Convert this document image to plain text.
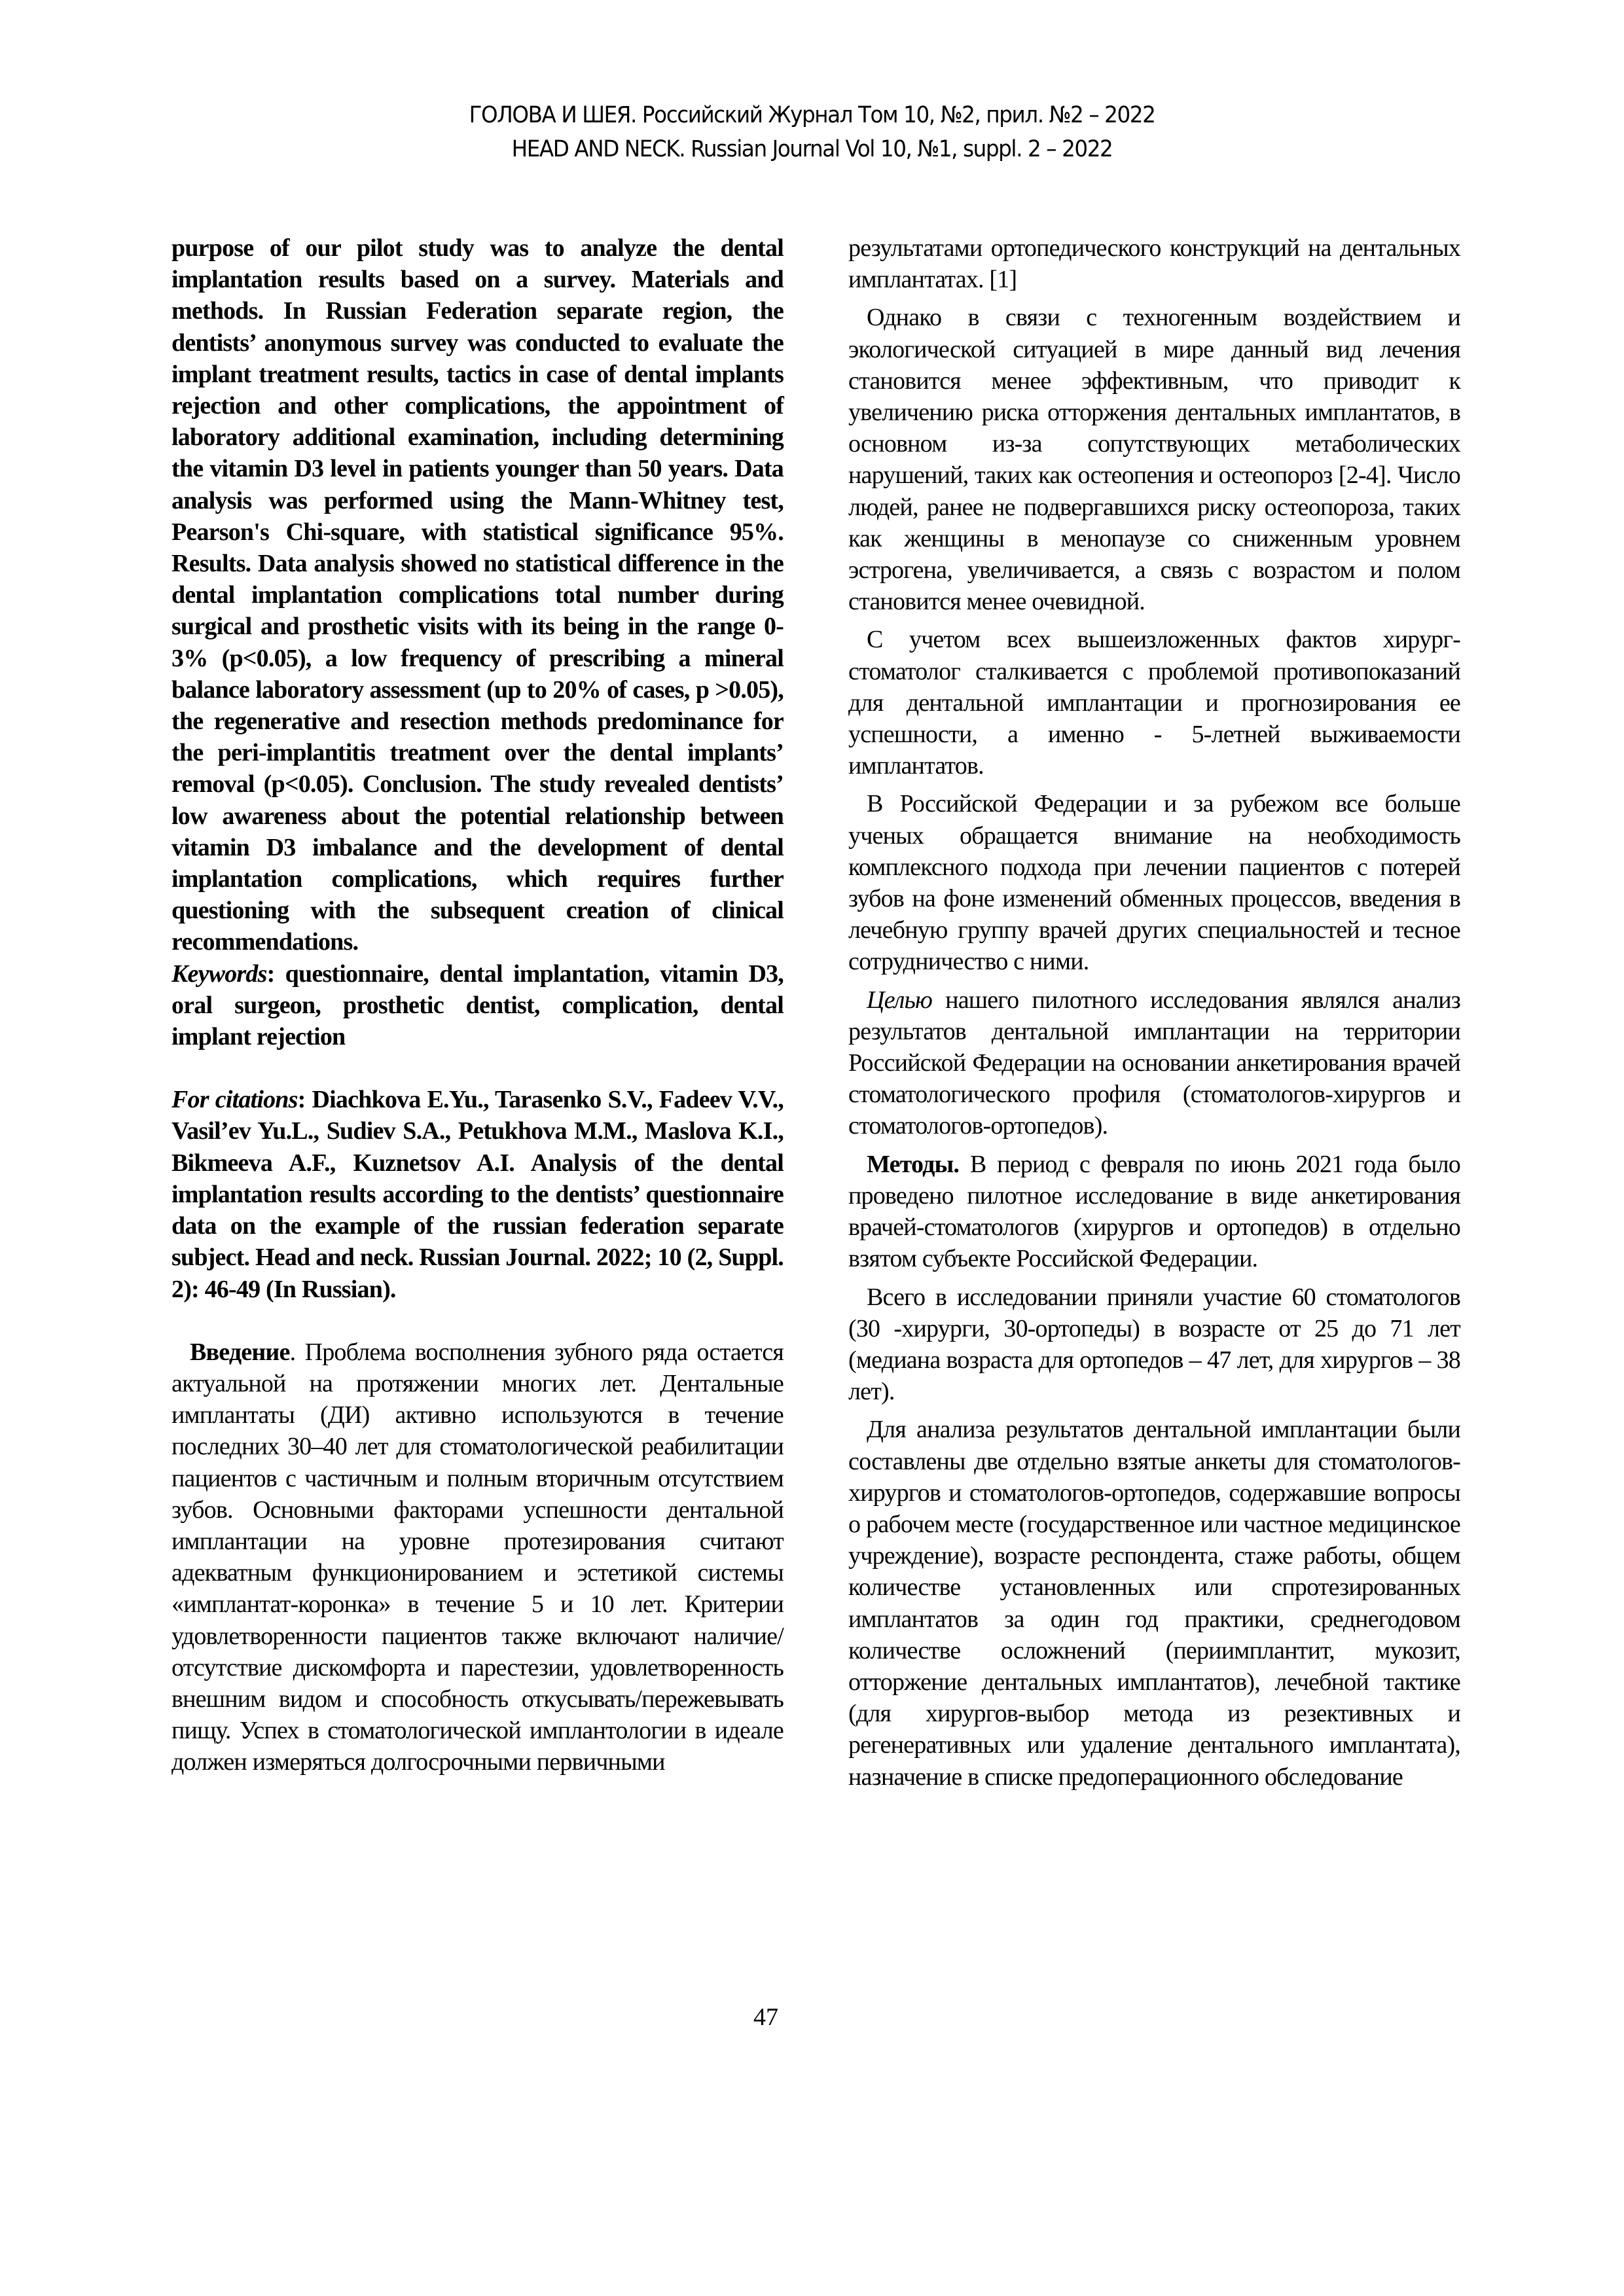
ГОЛОВА И ШЕЯ. Российский Журнал Том 10, №2, прил. №2 – 2022
HEAD AND NECK. Russian Journal Vol 10, №1, suppl. 2 – 2022

purpose of our pilot study was to analyze the dental implantation results based on a survey. Materials and methods. In Russian Federation separate region, the dentists’ anonymous survey was conducted to evaluate the implant treatment results, tactics in case of dental implants rejection and other complications, the appointment of laboratory additional examination, including determining the vitamin D3 level in patients younger than 50 years. Data analysis was performed using the Mann-Whitney test, Pearson's Chi-square, with statistical significance 95%. Results. Data analysis showed no statistical difference in the dental implantation complications total number during surgical and prosthetic visits with its being in the range 0-3% (p<0.05), a low frequency of prescribing a mineral balance laboratory assessment (up to 20% of cases, p >0.05), the regenerative and resection methods predominance for the peri-implantitis treatment over the dental implants’ removal (p<0.05). Conclusion. The study revealed dentists’ low awareness about the potential relationship between vitamin D3 imbalance and the development of dental implantation complications, which requires further questioning with the subsequent creation of clinical recommendations.

Keywords: questionnaire, dental implantation, vitamin D3, oral surgeon, prosthetic dentist, complication, dental implant rejection

For citations: Diachkova E.Yu., Tarasenko S.V., Fadeev V.V., Vasil’ev Yu.L., Sudiev S.A., Petukhova M.M., Maslova K.I., Bikmeeva A.F., Kuznetsov A.I. Analysis of the dental implantation results according to the dentists’ questionnaire data on the example of the russian federation separate subject. Head and neck. Russian Journal. 2022; 10 (2, Suppl. 2): 46-49 (In Russian).

Введение. Проблема восполнения зубного ряда остается актуальной на протяжении многих лет. Дентальные имплантаты (ДИ) активно используются в течение последних 30–40 лет для стоматологической реабилитации пациентов с частичным и полным вторичным отсутствием зубов. Основными факторами успешности дентальной имплантации на уровне протезирования считают адекватным функционированием и эстетикой системы «имплантат-коронка» в течение 5 и 10 лет. Критерии удовлетворенности пациентов также включают наличие/отсутствие дискомфорта и парестезии, удовлетворенность внешним видом и способность откусывать/пережевывать пищу. Успех в стоматологической имплантологии в идеале должен измеряться долгосрочными первичными

результатами ортопедического конструкций на дентальных имплантатах. [1]

Однако в связи с техногенным воздействием и экологической ситуацией в мире данный вид лечения становится менее эффективным, что приводит к увеличению риска отторжения дентальных имплантатов, в основном из-за сопутствующих метаболических нарушений, таких как остеопения и остеопороз [2-4]. Число людей, ранее не подвергавшихся риску остеопороза, таких как женщины в менопаузе со сниженным уровнем эстрогена, увеличивается, а связь с возрастом и полом становится менее очевидной.

С учетом всех вышеизложенных фактов хирург-стоматолог сталкивается с проблемой противопоказаний для дентальной имплантации и прогнозирования ее успешности, а именно - 5-летней выживаемости имплантатов.

В Российской Федерации и за рубежом все больше ученых обращается внимание на необходимость комплексного подхода при лечении пациентов с потерей зубов на фоне изменений обменных процессов, введения в лечебную группу врачей других специальностей и тесное сотрудничество с ними.

Целью нашего пилотного исследования являлся анализ результатов дентальной имплантации на территории Российской Федерации на основании анкетирования врачей стоматологического профиля (стоматологов-хирургов и стоматологов-ортопедов).

Методы. В период с февраля по июнь 2021 года было проведено пилотное исследование в виде анкетирования врачей-стоматологов (хирургов и ортопедов) в отдельно взятом субъекте Российской Федерации.

Всего в исследовании приняли участие 60 стоматологов (30 -хирурги, 30-ортопеды) в возрасте от 25 до 71 лет (медиана возраста для ортопедов – 47 лет, для хирургов – 38 лет).

Для анализа результатов дентальной имплантации были составлены две отдельно взятые анкеты для стоматологов-хирургов и стоматологов-ортопедов, содержавшие вопросы о рабочем месте (государственное или частное медицинское учреждение), возрасте респондента, стаже работы, общем количестве установленных или спротезированных имплантатов за один год практики, среднегодовом количестве осложнений (периимплантит, мукозит, отторжение дентальных имплантатов), лечебной тактике (для хирургов-выбор метода из резективных и регенеративных или удаление дентального имплантата), назначение в списке предоперационного обследование

47
